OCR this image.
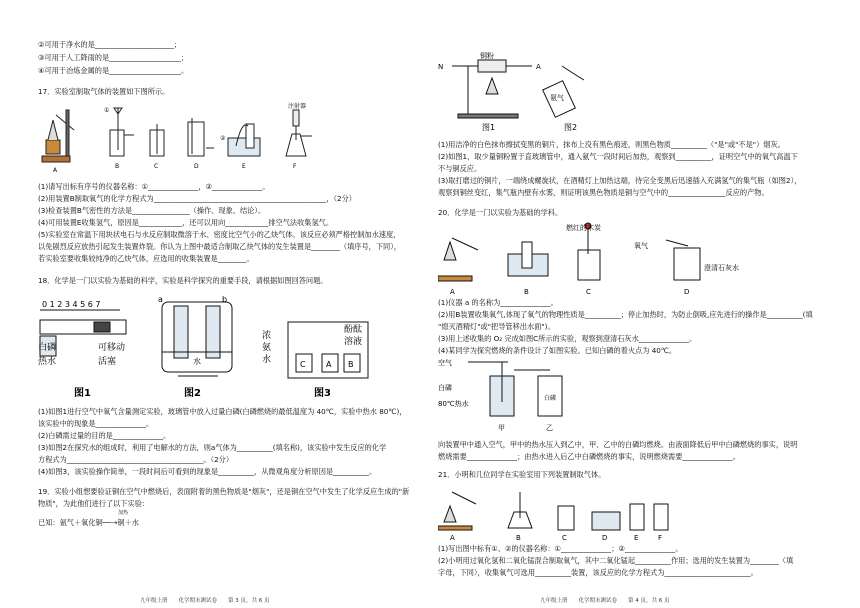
②可用于净水的是______________________；
③可用于人工降雨的是____________________；
④可用于冶炼金属的是____________________。
17．实验室制取气体的装置如下图所示。
A
①
B	C	D
②
E
注射器
F
(1)请写出标有序号的仪器名称：①______________，②______________。
(2)用装置B制取氧气的化学方程式为________________________________________________，（2分）
(3)检查装置B气密性的方法是________________（操作、现象、结论）。
(4)可用装置E收集氢气，原因是____________，还可以用向____________排空气法收集氢气。
(5)实验室在常温下用块状电石与水反应制取微溶于水、密度比空气小的乙炔气体。该反应必须严格控制加水速度，
以免剧烈反应放热引起发生装置炸裂。你认为上图中最适合制取乙炔气体的发生装置是________（填序号，下同），
若实验室要收集较纯净的乙炔气体，应选用的收集装置是________。
18．化学是一门以实验为基础的科学，实验是科学探究的重要手段，请根据如图回答问题。
0 1 2 3 4 5 6 7
白磷
热水
可移动
活塞
图1
a	b
水
图2
浓
氨
水
酚酞
溶液
C	A B
图3
(1)如图1进行空气中氧气含量测定实验，玻璃管中放入过量白磷(白磷燃烧的最低温度为 40℃，实验中热水 80℃)，
该实验中的现象是______________。
(2)白磷需过量的目的是______________。
(3)如图2在探究水的组成时，利用了电解水的方法，则a气体为__________(填名称)，该实验中发生反应的化学
方程式为______________________________________。（2分）
(4)如图3，该实验操作简单，一段时间后可看到的现象是__________，从微观角度分析原因是__________。
19．实验小组想要验证铜在空气中燃烧后，表面附着的黑色物质是"烟灰"，还是铜在空气中发生了化学反应生成的"新
物质"，为此他们进行了以下实验：
已知：氨气＋氧化铜──→铜＋水
加热
九年级上册　　化学期末测试卷　　第 3 页，共 6 页
N
铜粉
A
图1
氨气
图2
(1)用洁净的白色抹布擦拭变黑的铜片，抹布上没有黑色痕迹，则黑色物质__________（"是"或"不是"）烟灰。
(2)如图1，取少量铜粉置于直玻璃管中，通入氨气一段时间后加热，观察到__________，证明空气中的氧气高温下
不与铜反应。
(3)取打磨过的铜片，一端绕成螺旋状，在酒精灯上加热这端，待完全变黑后迅速插入充满氢气的集气瓶（如图2），
观察到铜丝变红，集气瓶内壁有水雾，则证明该黑色物质是铜与空气中的________________反应的产物。
20．化学是一门以实验为基础的学科。
A	B
燃红的木炭
C
氧气
澄清石灰水
D
(1)仪器 a 的名称为______________。
(2)用B装置收集氧气,体现了氧气的物理性质是__________；停止加热时，为防止倒吸,应先进行的操作是__________(填
"熄灭酒精灯"或"把导管移出水面")。
(3)用上述收集的 O₂ 完成如图C所示的实验，观察到澄清石灰水______________。
(4)某同学为探究燃烧的条件设计了如图实验。已知白磷的着火点为 40℃。
空气
白磷
80℃热水
甲	乙
白磷
向装置甲中通入空气，甲中的热水压入到乙中，甲、乙中的白磷均燃烧。由液面降低后甲中白磷燃烧的事实，说明
燃烧需要______________；由热水进入后乙中白磷燃烧的事实，说明燃烧需要______________。
21．小明和几位同学在实验室用下列装置制取气体。
A	B	C	D	E	F
(1)写出图中标有①、②的仪器名称：①______________；②______________。
(2)小明用过氧化氢和二氧化锰混合制取氧气，其中二氧化锰起__________作用；选用的发生装置为________（填
字母，下同），收集氧气可选用__________装置，该反应的化学方程式为________________________。
九年级上册　　化学期末测试卷　　第 4 页，共 6 页
